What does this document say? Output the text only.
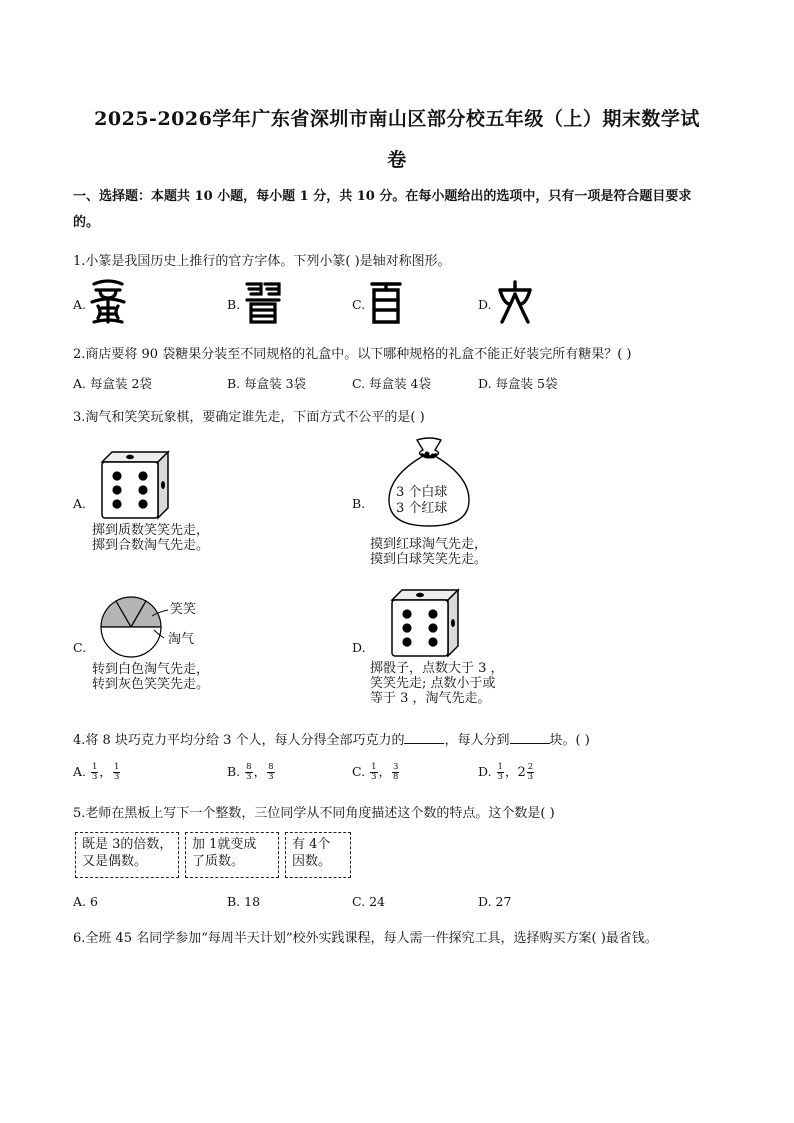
2025-2026学年广东省深圳市南山区部分校五年级（上）期末数学试
卷
一、选择题：本题共 10 小题，每小题 1 分，共 10 分。在每小题给出的选项中，只有一项是符合题目要求
的。
1.小篆是我国历史上推行的官方字体。下列小篆( )是轴对称图形。
A.	B.	C.	D.
2.商店要将 90 袋糖果分装至不同规格的礼盒中。以下哪种规格的礼盒不能正好装完所有糖果？( )
A. 每盒装 2袋	B. 每盒装 3袋	C. 每盒装 4袋	D. 每盒装 5袋
3.淘气和笑笑玩象棋，要确定谁先走，下面方式不公平的是( )
A.
掷到质数笑笑先走，
掷到合数淘气先走。
B.
3 个白球
3 个红球
摸到红球淘气先走，
摸到白球笑笑先走。
C.
笑笑
淘气
转到白色淘气先走，
转到灰色笑笑先走。
D.
掷骰子，点数大于 3 ，
笑笑先走; 点数小于或
等于 3 ，淘气先走。
4.将 8 块巧克力平均分给 3 个人，每人分得全部巧克力的	，每人分到	块。( )
A. $\frac{1}{3}$ ， $\frac{1}{3}$	B. $\frac{8}{3}$ ， $\frac{8}{3}$	C. $\frac{1}{3}$ ， $\frac{3}{8}$	D. $\frac{1}{3}$ ， $2 \frac{2}{3}$
5.老师在黑板上写下一个整数，三位同学从不同角度描述这个数的特点。这个数是( )
既是 3的倍数，
又是偶数。
加 1就变成
了质数。
有 4个
因数。
A. 6	B. 18	C. 24	D. 27
6.全班 45 名同学参加“每周半天计划”校外实践课程，每人需一件探究工具，选择购买方案( )最省钱。
